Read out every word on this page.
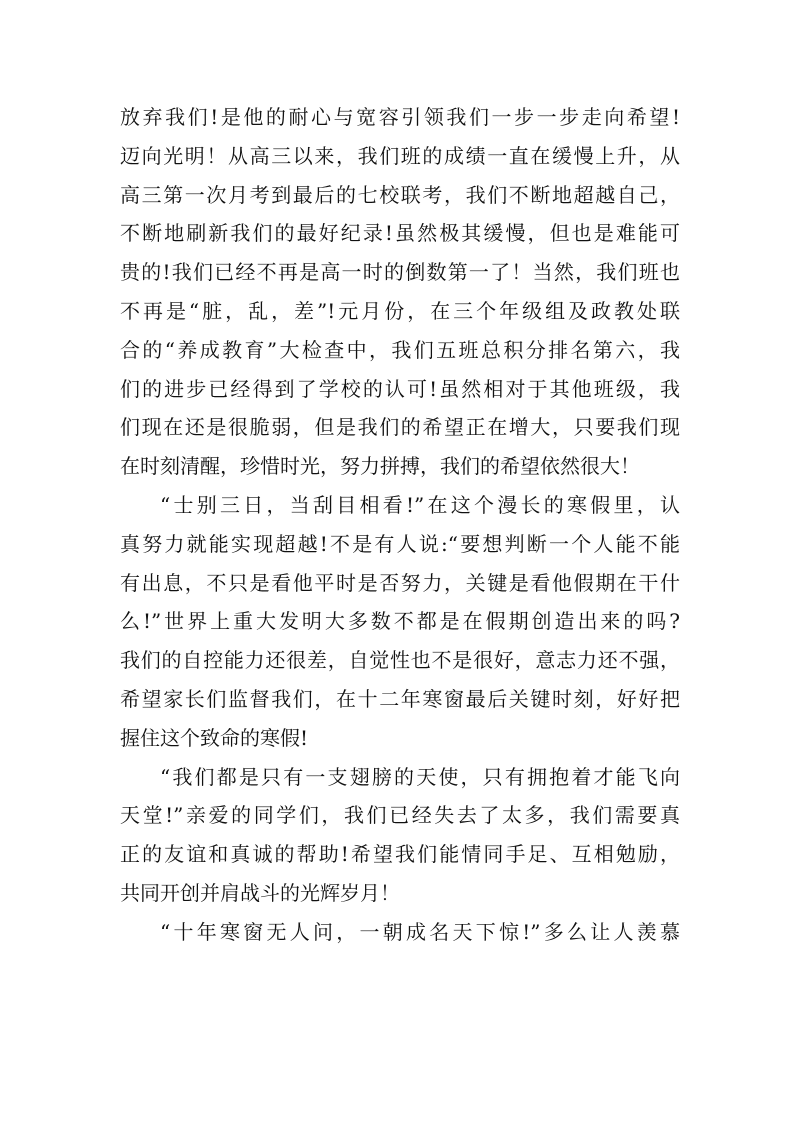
放弃我们!是他的耐心与宽容引领我们一步一步走向希望!
迈向光明！从高三以来，我们班的成绩一直在缓慢上升，从
高三第一次月考到最后的七校联考，我们不断地超越自己，
不断地刷新我们的最好纪录!虽然极其缓慢，但也是难能可
贵的!我们已经不再是高一时的倒数第一了！当然，我们班也
不再是“脏，乱，差”!元月份，在三个年级组及政教处联
合的“养成教育”大检查中，我们五班总积分排名第六，我
们的进步已经得到了学校的认可!虽然相对于其他班级，我
们现在还是很脆弱，但是我们的希望正在增大，只要我们现
在时刻清醒，珍惜时光，努力拼搏，我们的希望依然很大！
“士别三日，当刮目相看!”在这个漫长的寒假里，认
真努力就能实现超越!不是有人说:“要想判断一个人能不能
有出息，不只是看他平时是否努力，关键是看他假期在干什
么!”世界上重大发明大多数不都是在假期创造出来的吗?
我们的自控能力还很差，自觉性也不是很好，意志力还不强，
希望家长们监督我们，在十二年寒窗最后关键时刻，好好把
握住这个致命的寒假!
“我们都是只有一支翅膀的天使，只有拥抱着才能飞向
天堂!”亲爱的同学们，我们已经失去了太多，我们需要真
正的友谊和真诚的帮助!希望我们能情同手足、互相勉励，
共同开创并肩战斗的光辉岁月！
“十年寒窗无人问，一朝成名天下惊!”多么让人羡慕
